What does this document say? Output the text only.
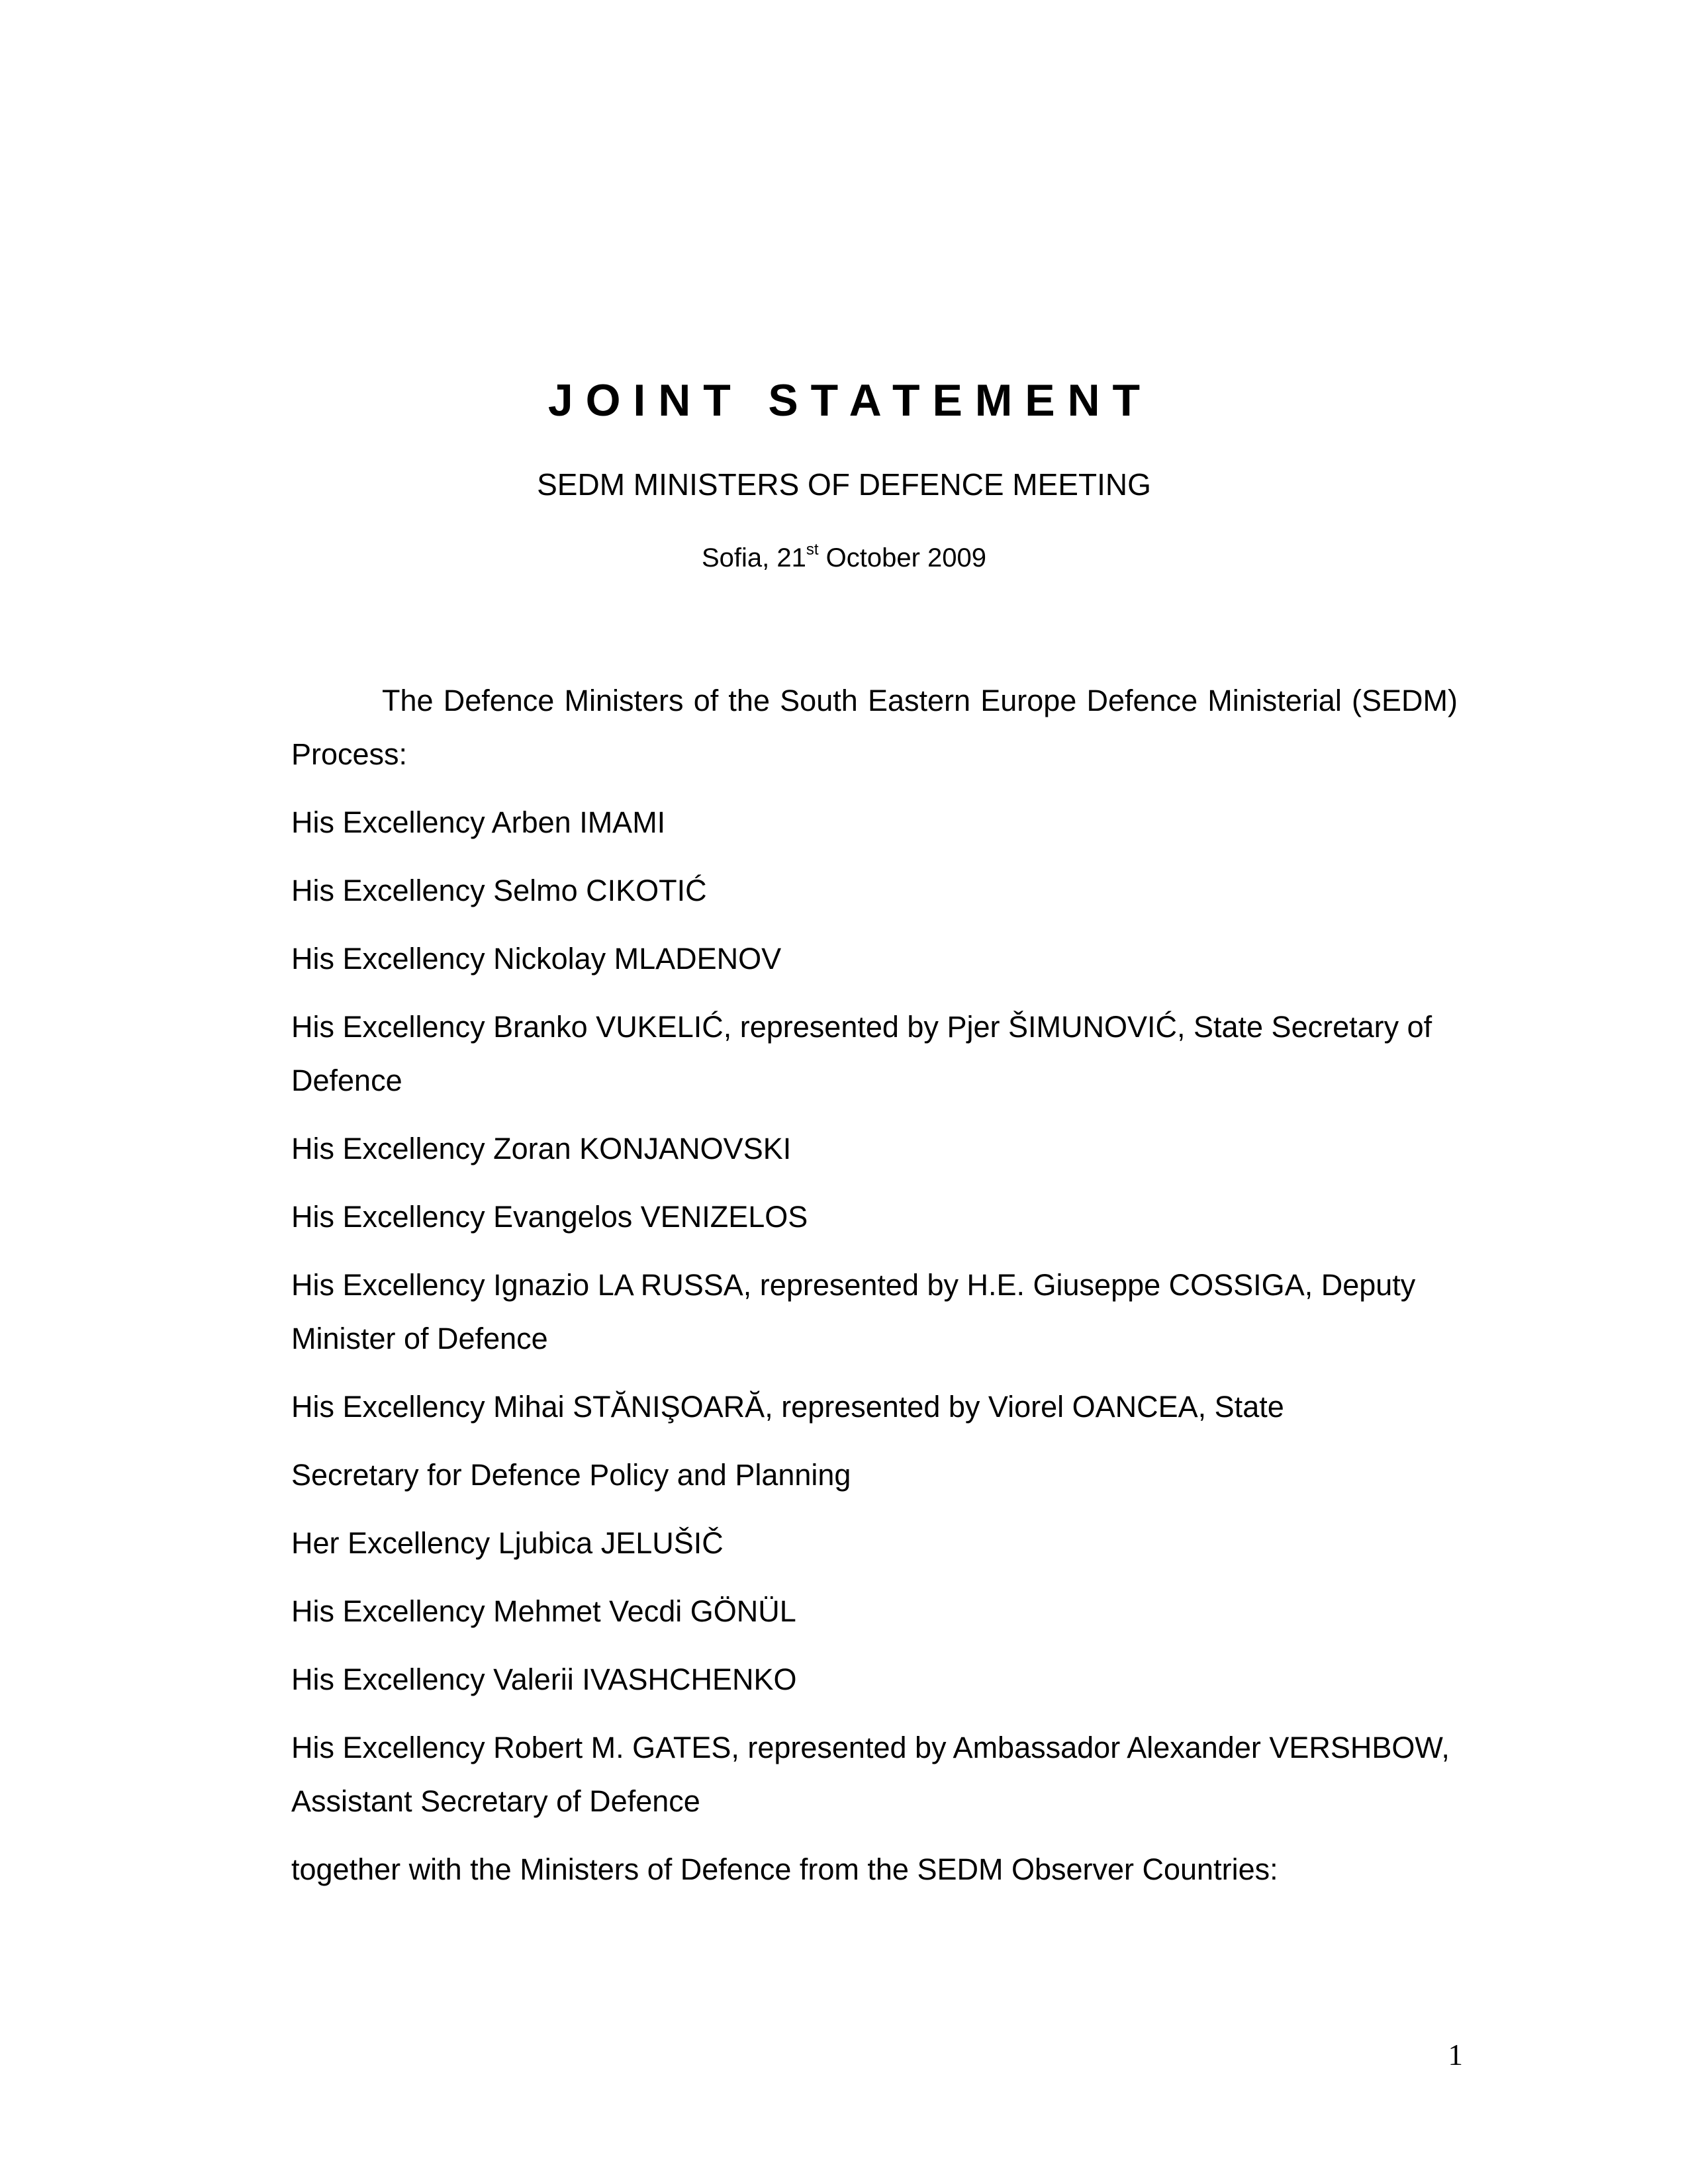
J O I N T   S T A T E M E N T
SEDM MINISTERS OF DEFENCE MEETING
Sofia, 21st October 2009

The Defence Ministers of the South Eastern Europe Defence Ministerial (SEDM) Process:

His Excellency Arben IMAMI

His Excellency Selmo CIKOTIĆ

His Excellency Nickolay MLADENOV

His Excellency Branko VUKELIĆ, represented by Pjer ŠIMUNOVIĆ, State Secretary of Defence

His Excellency Zoran KONJANOVSKI

His Excellency Evangelos VENIZELOS

His Excellency Ignazio LA RUSSA, represented by H.E. Giuseppe COSSIGA, Deputy Minister of Defence

His Excellency Mihai STĂNIŞOARĂ, represented by Viorel OANCEA, State

Secretary for Defence Policy and Planning

Her Excellency Ljubica JELUŠIČ

His Excellency Mehmet Vecdi GÖNÜL

His Excellency Valerii IVASHCHENKO

His Excellency Robert M. GATES, represented by Ambassador Alexander VERSHBOW, Assistant Secretary of Defence

together with the Ministers of Defence from the SEDM Observer Countries:

1
